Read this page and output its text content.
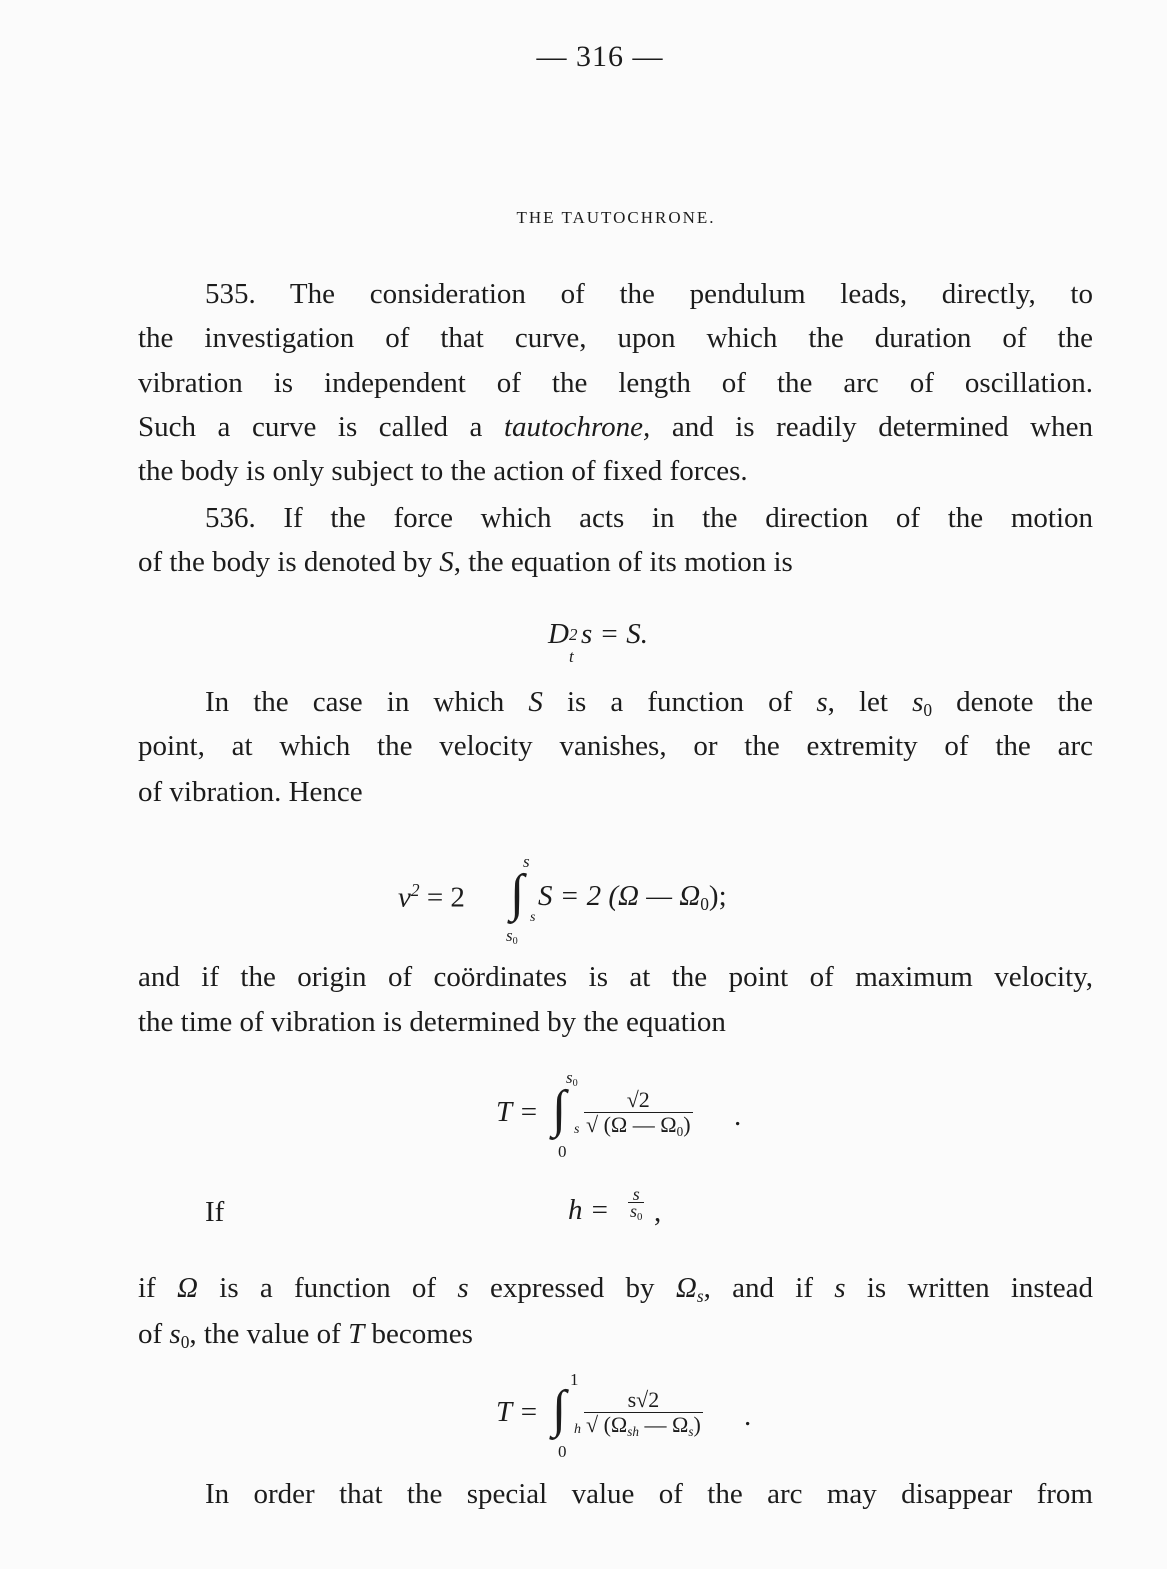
— 316 —
THE TAUTOCHRONE.
535. The consideration of the pendulum leads, directly, to
the investigation of that curve, upon which the duration of the
vibration is independent of the length of the arc of oscillation.
Such a curve is called a tautochrone, and is readily determined when
the body is only subject to the action of fixed forces.
536. If the force which acts in the direction of the motion
of the body is denoted by S, the equation of its motion is
D 2
t
s = S.
In the case in which S is a function of s, let $s_0$ denote the
point, at which the velocity vanishes, or the extremity of the arc
of vibration. Hence
$v^2 = 2$ ∫
s
$s_0$
s
S = 2 (Ω — $\Omega_0$);
and if the origin of coördinates is at the point of maximum velocity,
the time of vibration is determined by the equation
T = ∫
$s_0$
0
s
√2
√ (Ω — $\Omega_0$) .
If	h = s
$s_0$ ,
if Ω is a function of s expressed by $\Omega_s$, and if s is written instead
of $s_0$, the value of T becomes
T = ∫
1
0
h
s√2
√ ($\Omega_{sh}$ — $\Omega_s$) .
In order that the special value of the arc may disappear from
